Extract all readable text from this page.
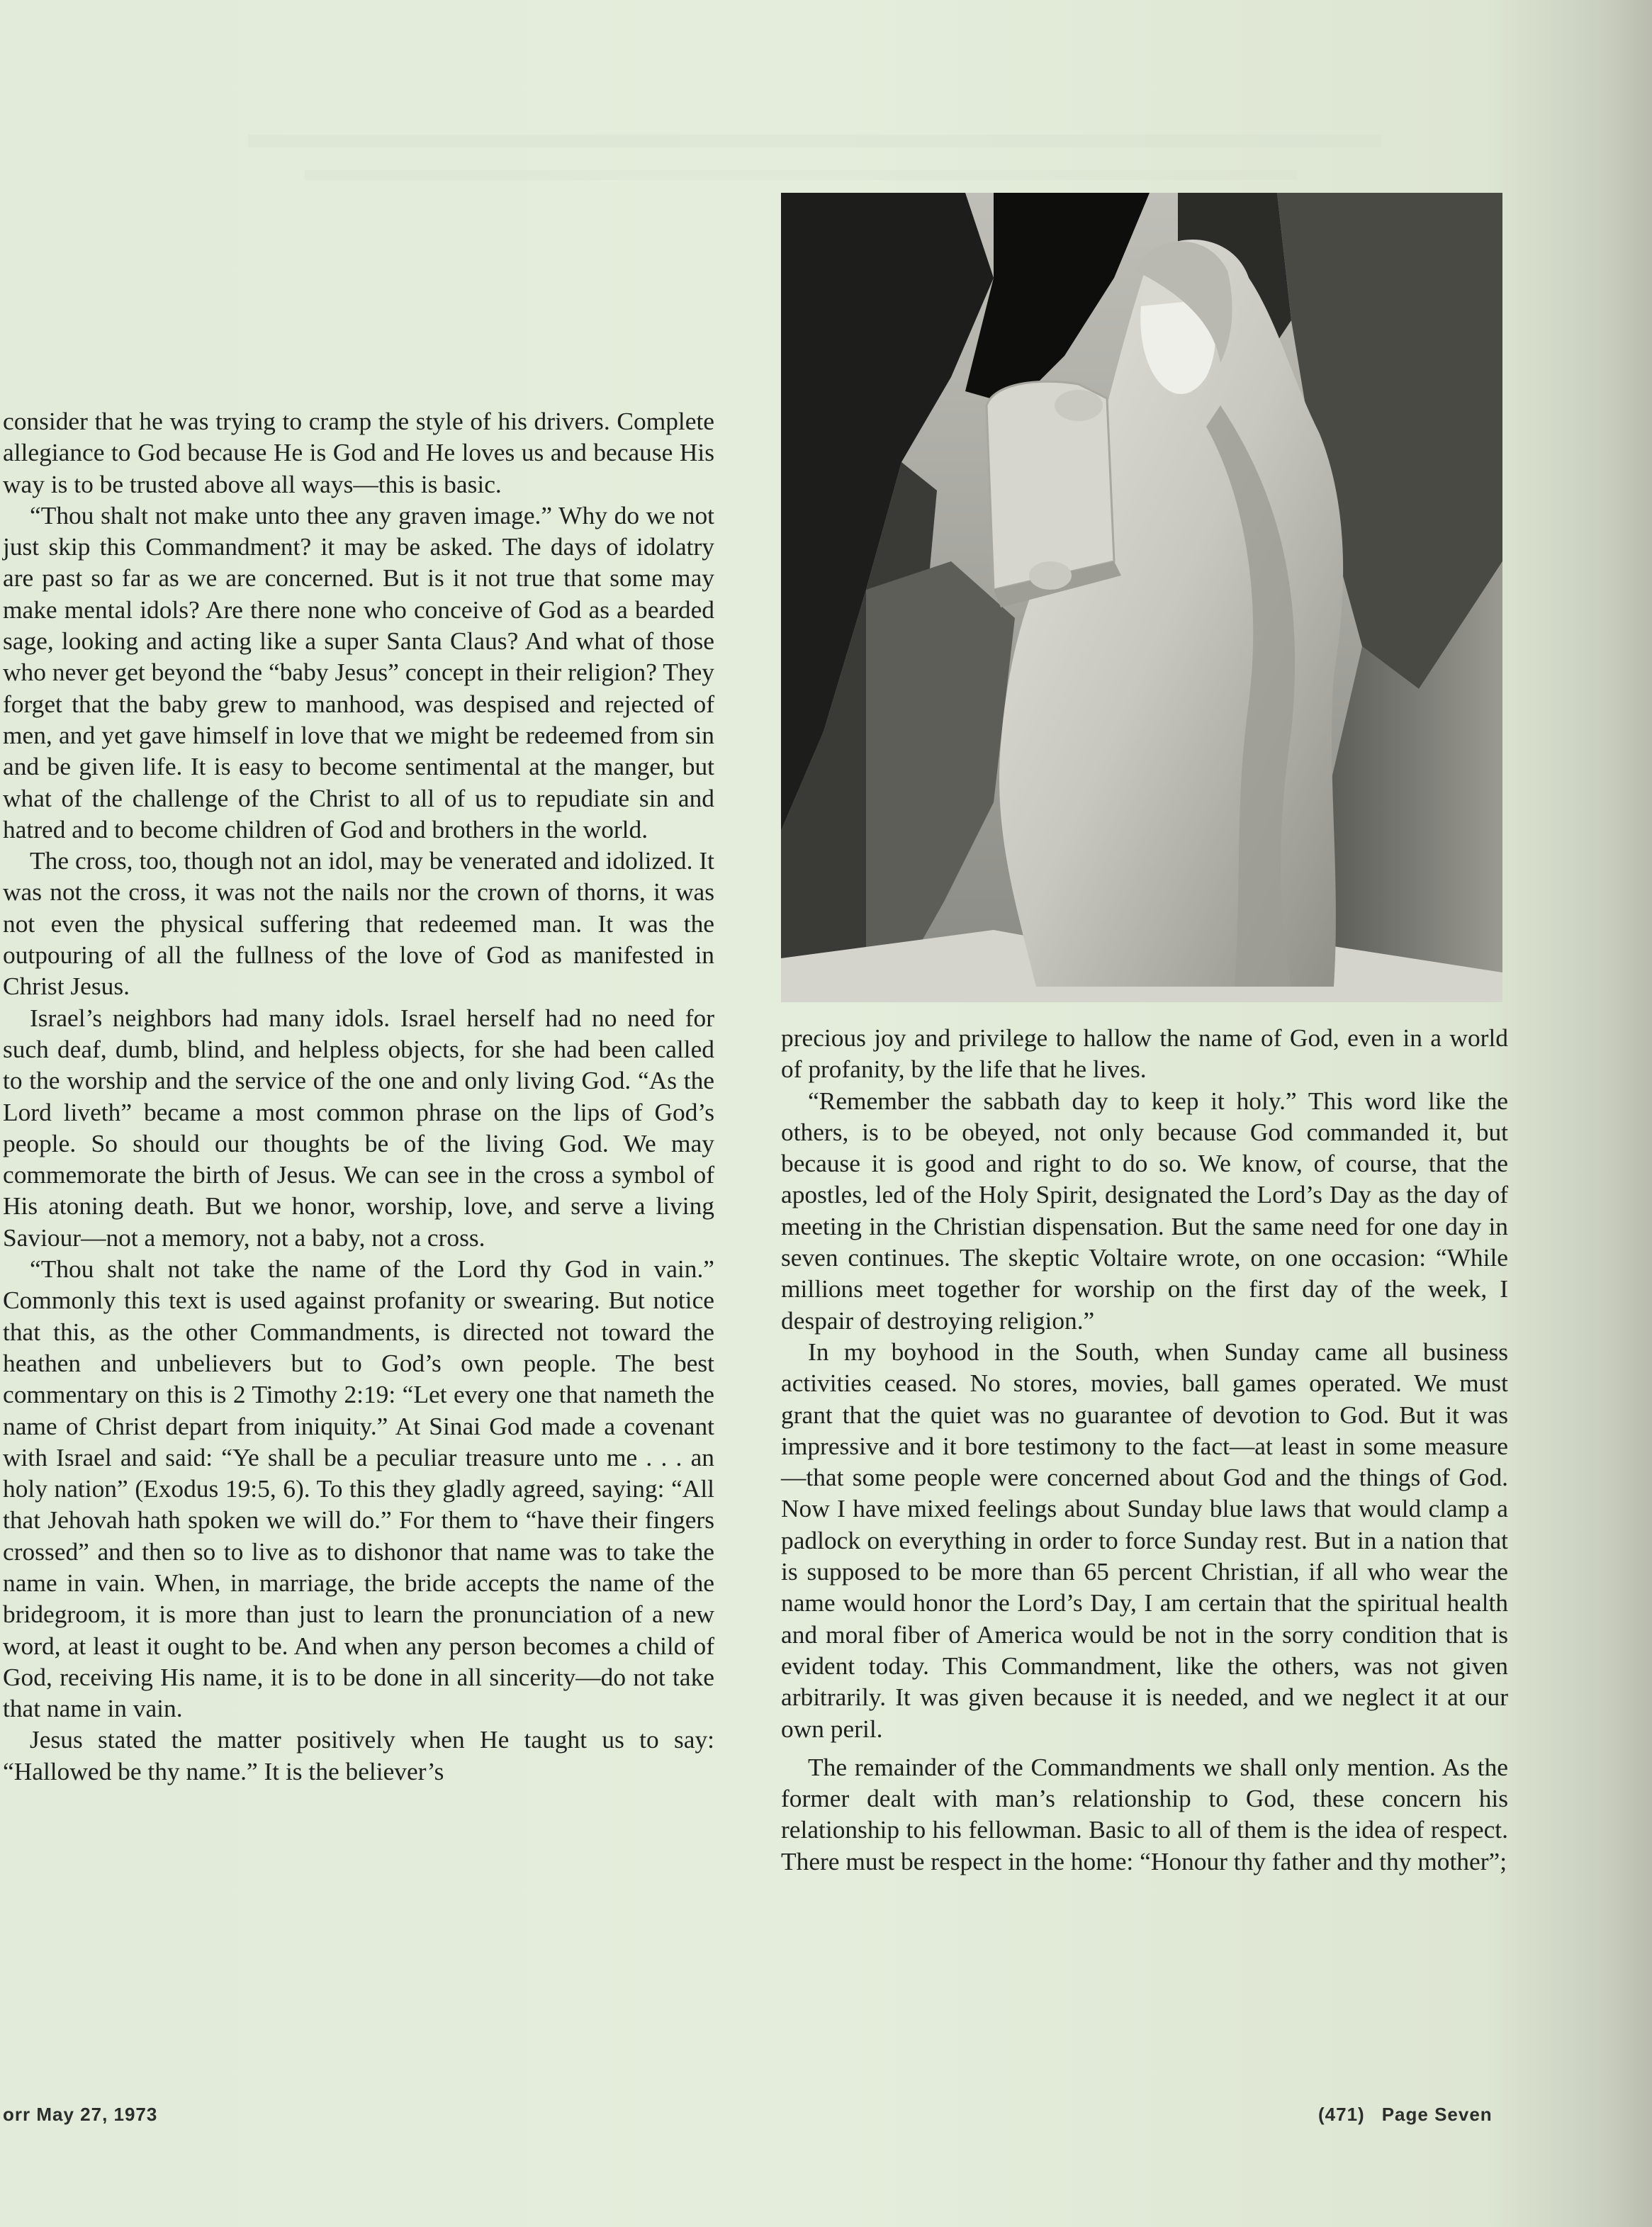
consider that he was trying to cramp the style of his drivers. Complete allegiance to God because He is God and He loves us and because His way is to be trusted above all ways—this is basic.

“Thou shalt not make unto thee any graven image.” Why do we not just skip this Commandment? it may be asked. The days of idolatry are past so far as we are concerned. But is it not true that some may make mental idols? Are there none who conceive of God as a bearded sage, looking and acting like a super Santa Claus? And what of those who never get beyond the “baby Jesus” concept in their religion? They forget that the baby grew to manhood, was despised and rejected of men, and yet gave himself in love that we might be redeemed from sin and be given life. It is easy to become sentimental at the manger, but what of the challenge of the Christ to all of us to repudiate sin and hatred and to become children of God and brothers in the world.

The cross, too, though not an idol, may be venerated and idolized. It was not the cross, it was not the nails nor the crown of thorns, it was not even the physical suffering that redeemed man. It was the outpouring of all the fullness of the love of God as manifested in Christ Jesus.

Israel’s neighbors had many idols. Israel herself had no need for such deaf, dumb, blind, and helpless objects, for she had been called to the worship and the service of the one and only living God. “As the Lord liveth” became a most common phrase on the lips of God’s people. So should our thoughts be of the living God. We may commemorate the birth of Jesus. We can see in the cross a symbol of His atoning death. But we honor, worship, love, and serve a living Saviour—not a memory, not a baby, not a cross.

“Thou shalt not take the name of the Lord thy God in vain.” Commonly this text is used against profanity or swearing. But notice that this, as the other Commandments, is directed not toward the heathen and unbelievers but to God’s own people. The best commentary on this is 2 Timothy 2:19: “Let every one that nameth the name of Christ depart from iniquity.” At Sinai God made a covenant with Israel and said: “Ye shall be a peculiar treasure unto me . . . an holy nation” (Exodus 19:5, 6). To this they gladly agreed, saying: “All that Jehovah hath spoken we will do.” For them to “have their fingers crossed” and then so to live as to dishonor that name was to take the name in vain. When, in marriage, the bride accepts the name of the bridegroom, it is more than just to learn the pronunciation of a new word, at least it ought to be. And when any person becomes a child of God, receiving His name, it is to be done in all sincerity—do not take that name in vain.

Jesus stated the matter positively when He taught us to say: “Hallowed be thy name.” It is the believer’s

precious joy and privilege to hallow the name of God, even in a world of profanity, by the life that he lives.

“Remember the sabbath day to keep it holy.” This word like the others, is to be obeyed, not only because God commanded it, but because it is good and right to do so. We know, of course, that the apostles, led of the Holy Spirit, designated the Lord’s Day as the day of meeting in the Christian dispensation. But the same need for one day in seven continues. The skeptic Voltaire wrote, on one occasion: “While millions meet together for worship on the first day of the week, I despair of destroying religion.”

In my boyhood in the South, when Sunday came all business activities ceased. No stores, movies, ball games operated. We must grant that the quiet was no guarantee of devotion to God. But it was impressive and it bore testimony to the fact—at least in some measure—that some people were concerned about God and the things of God. Now I have mixed feelings about Sunday blue laws that would clamp a padlock on everything in order to force Sunday rest. But in a nation that is supposed to be more than 65 percent Christian, if all who wear the name would honor the Lord’s Day, I am certain that the spiritual health and moral fiber of America would be not in the sorry condition that is evident today. This Commandment, like the others, was not given arbitrarily. It was given because it is needed, and we neglect it at our own peril.

The remainder of the Commandments we shall only mention. As the former dealt with man’s relationship to God, these concern his relationship to his fellowman. Basic to all of them is the idea of respect. There must be respect in the home: “Honour thy father and thy mother”;

orr May 27, 1973	(471) Page Seven
